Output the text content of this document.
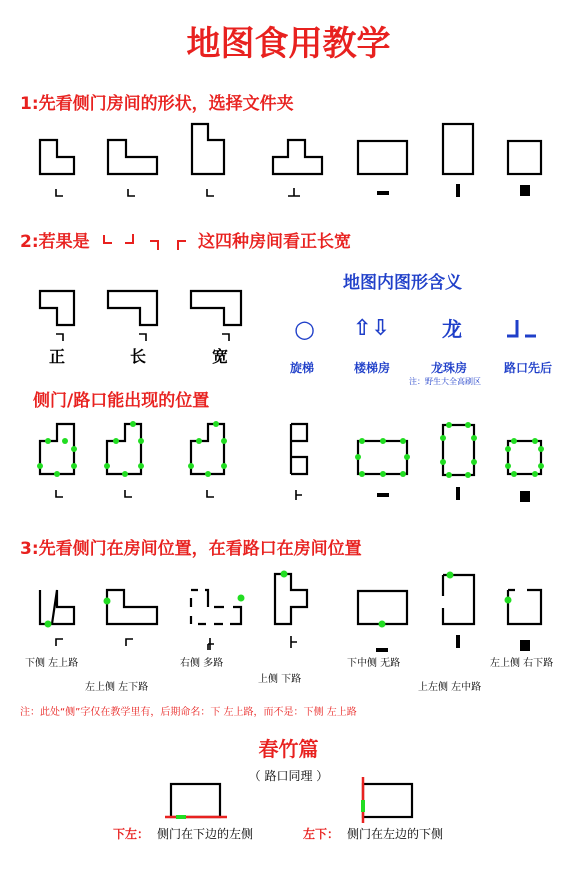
○ ⇧⇩	龙
地图食用教学
1:先看侧门房间的形状，选择文件夹
2:若果是	这四种房间看正长宽
正	长	宽
地图内图形含义
旋梯	楼梯房	龙珠房	路口先后
注：野生大全高刷区
侧门/路口能出现的位置
3:先看侧门在房间位置，在看路口在房间位置
下侧 左上路
左上侧 左下路
右侧 多路
上侧 下路
下中侧 无路
上左侧 左中路
左上侧 右下路
注：此处“侧”字仅在教学里有，后期命名：下 左上路，而不是：下侧 左上路
春竹篇
（ 路口同理 ）
下左： 侧门在下边的左侧	左下： 侧门在左边的下侧
